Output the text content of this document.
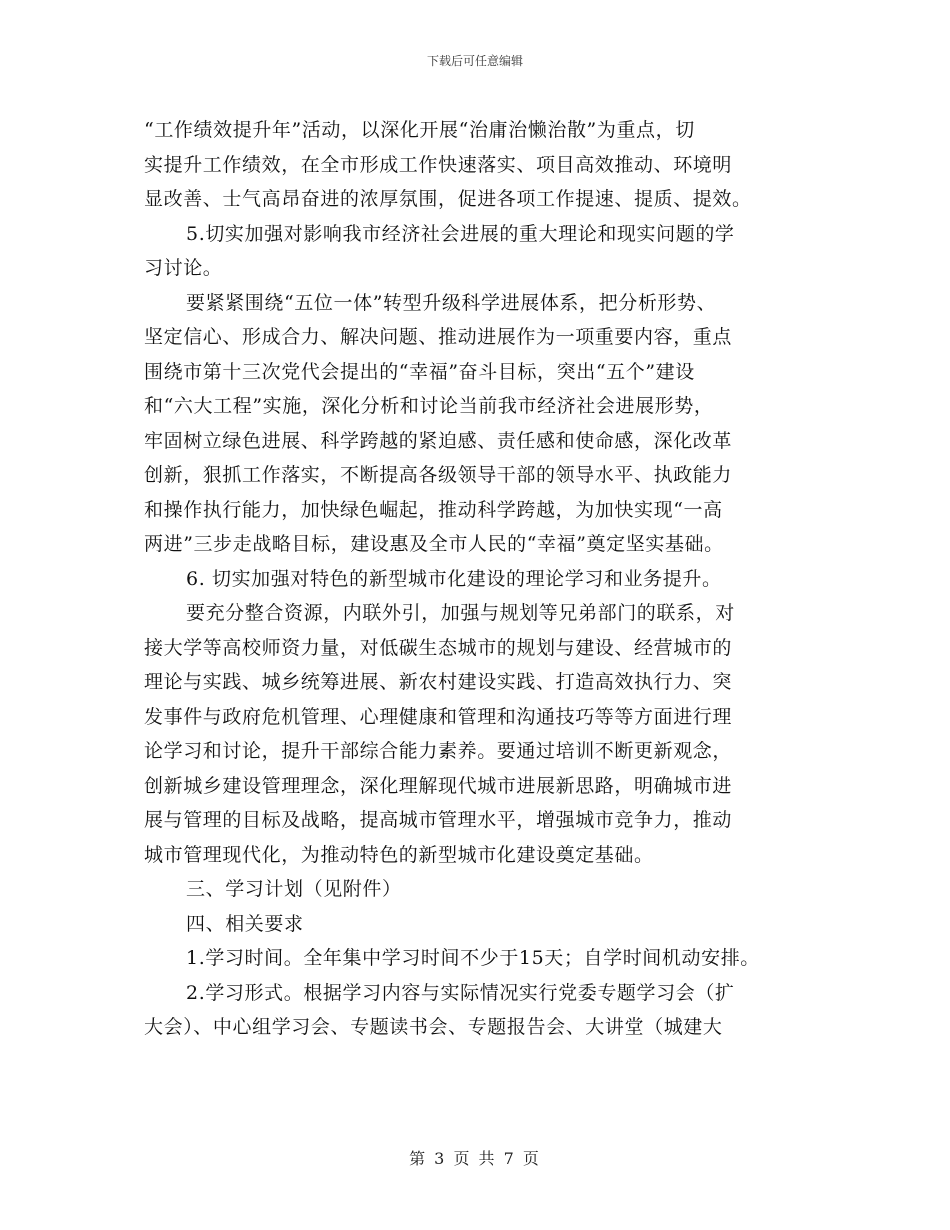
下载后可任意编辑
“工作绩效提升年”活动，以深化开展“治庸治懒治散”为重点，切
实提升工作绩效，在全市形成工作快速落实、项目高效推动、环境明
显改善、士气高昂奋进的浓厚氛围，促进各项工作提速、提质、提效。
5.切实加强对影响我市经济社会进展的重大理论和现实问题的学
习讨论。
要紧紧围绕“五位一体”转型升级科学进展体系，把分析形势、
坚定信心、形成合力、解决问题、推动进展作为一项重要内容，重点
围绕市第十三次党代会提出的“幸福”奋斗目标，突出“五个”建设
和“六大工程”实施，深化分析和讨论当前我市经济社会进展形势，
牢固树立绿色进展、科学跨越的紧迫感、责任感和使命感，深化改革
创新，狠抓工作落实，不断提高各级领导干部的领导水平、执政能力
和操作执行能力，加快绿色崛起，推动科学跨越，为加快实现“一高
两进”三步走战略目标，建设惠及全市人民的“幸福”奠定坚实基础。
6. 切实加强对特色的新型城市化建设的理论学习和业务提升。
要充分整合资源，内联外引，加强与规划等兄弟部门的联系，对
接大学等高校师资力量，对低碳生态城市的规划与建设、经营城市的
理论与实践、城乡统筹进展、新农村建设实践、打造高效执行力、突
发事件与政府危机管理、心理健康和管理和沟通技巧等等方面进行理
论学习和讨论，提升干部综合能力素养。要通过培训不断更新观念，
创新城乡建设管理理念，深化理解现代城市进展新思路，明确城市进
展与管理的目标及战略，提高城市管理水平，增强城市竞争力，推动
城市管理现代化，为推动特色的新型城市化建设奠定基础。
三、学习计划（见附件）
四、相关要求
1.学习时间。全年集中学习时间不少于15天；自学时间机动安排。
2.学习形式。根据学习内容与实际情况实行党委专题学习会（扩
大会）、中心组学习会、专题读书会、专题报告会、大讲堂（城建大
第 3 页 共 7 页
